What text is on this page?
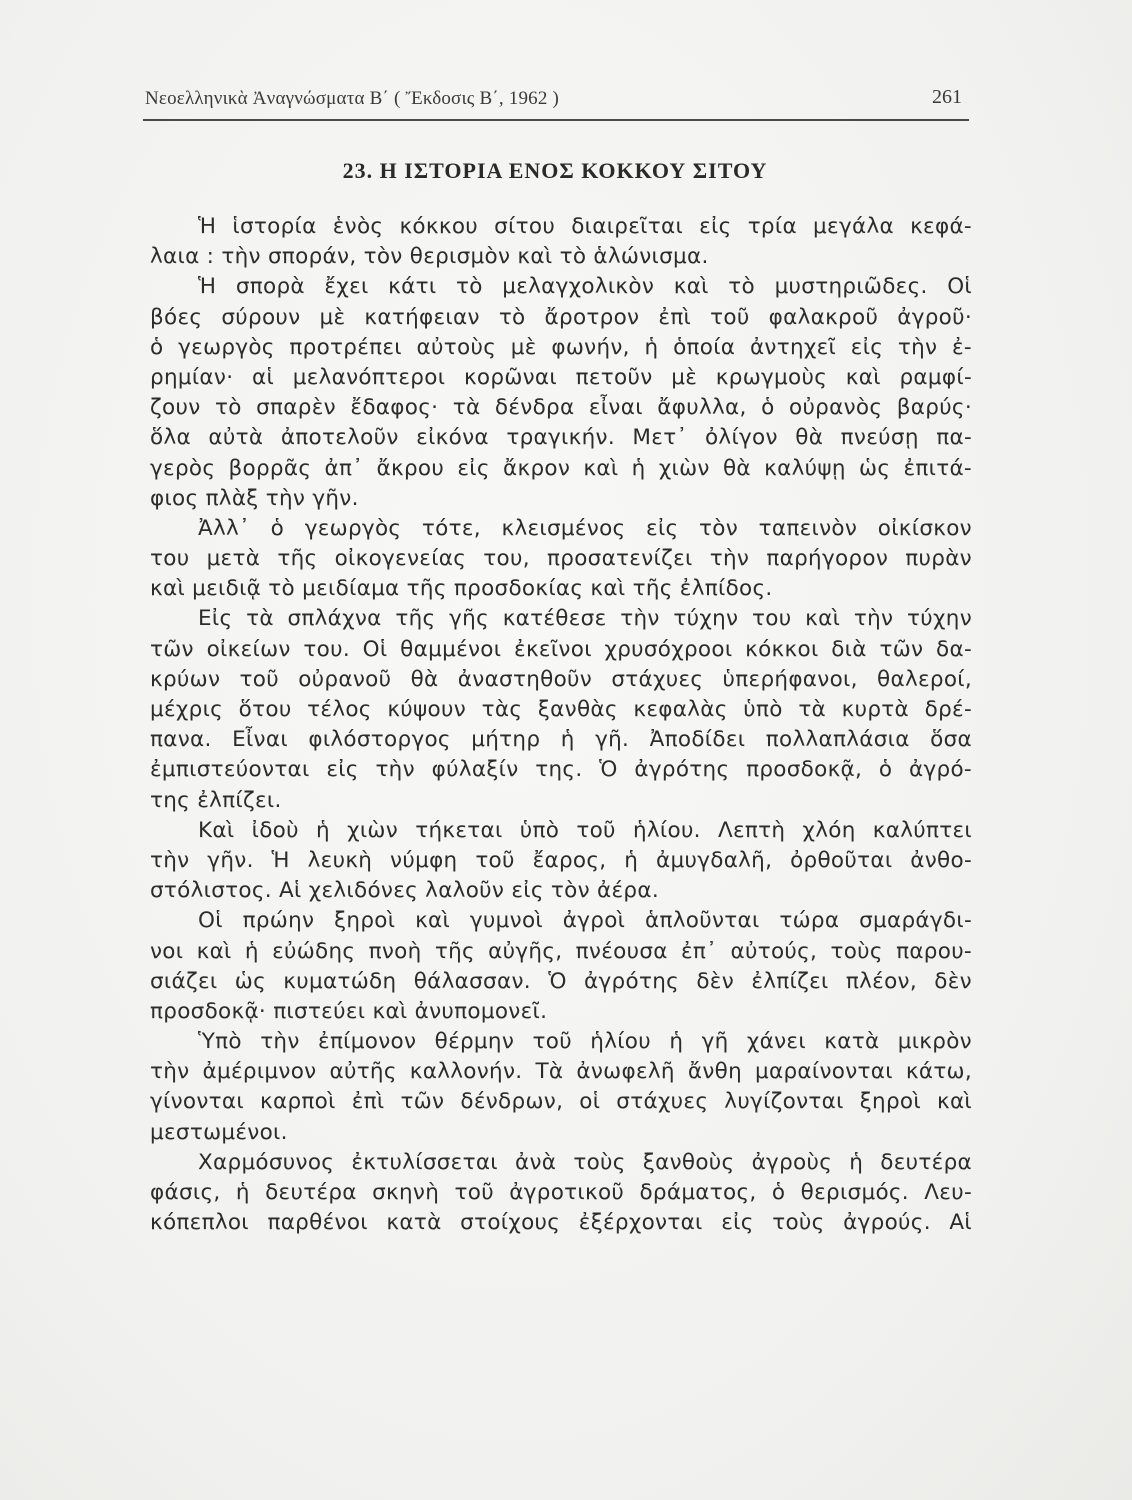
Νεοελληνικὰ Ἀναγνώσματα Β΄ ( Ἔκδοσις Β΄, 1962 )	261
23. Η ΙΣΤΟΡΙΑ ΕΝΟΣ ΚΟΚΚΟΥ ΣΙΤΟΥ
Ἡ ἱστορία ἑνὸς κόκκου σίτου διαιρεῖται εἰς τρία μεγάλα κεφά-
λαια : τὴν σποράν, τὸν θερισμὸν καὶ τὸ ἁλώνισμα.
Ἡ σπορὰ ἔχει κάτι τὸ μελαγχολικὸν καὶ τὸ μυστηριῶδες. Οἱ
βόες σύρουν μὲ κατήφειαν τὸ ἄροτρον ἐπὶ τοῦ φαλακροῦ ἀγροῦ·
ὁ γεωργὸς προτρέπει αὐτοὺς μὲ φωνήν, ἡ ὁποία ἀντηχεῖ εἰς τὴν ἐ-
ρημίαν· αἱ μελανόπτεροι κορῶναι πετοῦν μὲ κρωγμοὺς καὶ ραμφί-
ζουν τὸ σπαρὲν ἔδαφος· τὰ δένδρα εἶναι ἄφυλλα, ὁ οὐρανὸς βαρύς·
ὅλα αὐτὰ ἀποτελοῦν εἰκόνα τραγικήν. Μετ᾽ ὀλίγον θὰ πνεύσῃ πα-
γερὸς βορρᾶς ἀπ᾽ ἄκρου εἰς ἄκρον καὶ ἡ χιὼν θὰ καλύψῃ ὡς ἐπιτά-
φιος πλὰξ τὴν γῆν.
Ἀλλ᾽ ὁ γεωργὸς τότε, κλεισμένος εἰς τὸν ταπεινὸν οἰκίσκον
του μετὰ τῆς οἰκογενείας του, προσατενίζει τὴν παρήγορον πυρὰν
καὶ μειδιᾷ τὸ μειδίαμα τῆς προσδοκίας καὶ τῆς ἐλπίδος.
Εἰς τὰ σπλάχνα τῆς γῆς κατέθεσε τὴν τύχην του καὶ τὴν τύχην
τῶν οἰκείων του. Οἱ θαμμένοι ἐκεῖνοι χρυσόχροοι κόκκοι διὰ τῶν δα-
κρύων τοῦ οὐρανοῦ θὰ ἀναστηθοῦν στάχυες ὑπερήφανοι, θαλεροί,
μέχρις ὅτου τέλος κύψουν τὰς ξανθὰς κεφαλὰς ὑπὸ τὰ κυρτὰ δρέ-
πανα. Εἶναι φιλόστοργος μήτηρ ἡ γῆ. Ἀποδίδει πολλαπλάσια ὅσα
ἐμπιστεύονται εἰς τὴν φύλαξίν της. Ὁ ἀγρότης προσδοκᾷ, ὁ ἀγρό-
της ἐλπίζει.
Καὶ ἰδοὺ ἡ χιὼν τήκεται ὑπὸ τοῦ ἡλίου. Λεπτὴ χλόη καλύπτει
τὴν γῆν. Ἡ λευκὴ νύμφη τοῦ ἔαρος, ἡ ἀμυγδαλῆ, ὀρθοῦται ἀνθο-
στόλιστος. Αἱ χελιδόνες λαλοῦν εἰς τὸν ἀέρα.
Οἱ πρώην ξηροὶ καὶ γυμνοὶ ἀγροὶ ἁπλοῦνται τώρα σμαράγδι-
νοι καὶ ἡ εὐώδης πνοὴ τῆς αὐγῆς, πνέουσα ἐπ᾽ αὐτούς, τοὺς παρου-
σιάζει ὡς κυματώδη θάλασσαν. Ὁ ἀγρότης δὲν ἐλπίζει πλέον, δὲν
προσδοκᾷ· πιστεύει καὶ ἀνυπομονεῖ.
Ὑπὸ τὴν ἐπίμονον θέρμην τοῦ ἡλίου ἡ γῆ χάνει κατὰ μικρὸν
τὴν ἀμέριμνον αὐτῆς καλλονήν. Τὰ ἀνωφελῆ ἄνθη μαραίνονται κάτω,
γίνονται καρποὶ ἐπὶ τῶν δένδρων, οἱ στάχυες λυγίζονται ξηροὶ καὶ
μεστωμένοι.
Χαρμόσυνος ἐκτυλίσσεται ἀνὰ τοὺς ξανθοὺς ἀγροὺς ἡ δευτέρα
φάσις, ἡ δευτέρα σκηνὴ τοῦ ἀγροτικοῦ δράματος, ὁ θερισμός. Λευ-
κόπεπλοι παρθένοι κατὰ στοίχους ἐξέρχονται εἰς τοὺς ἀγρούς. Αἱ
